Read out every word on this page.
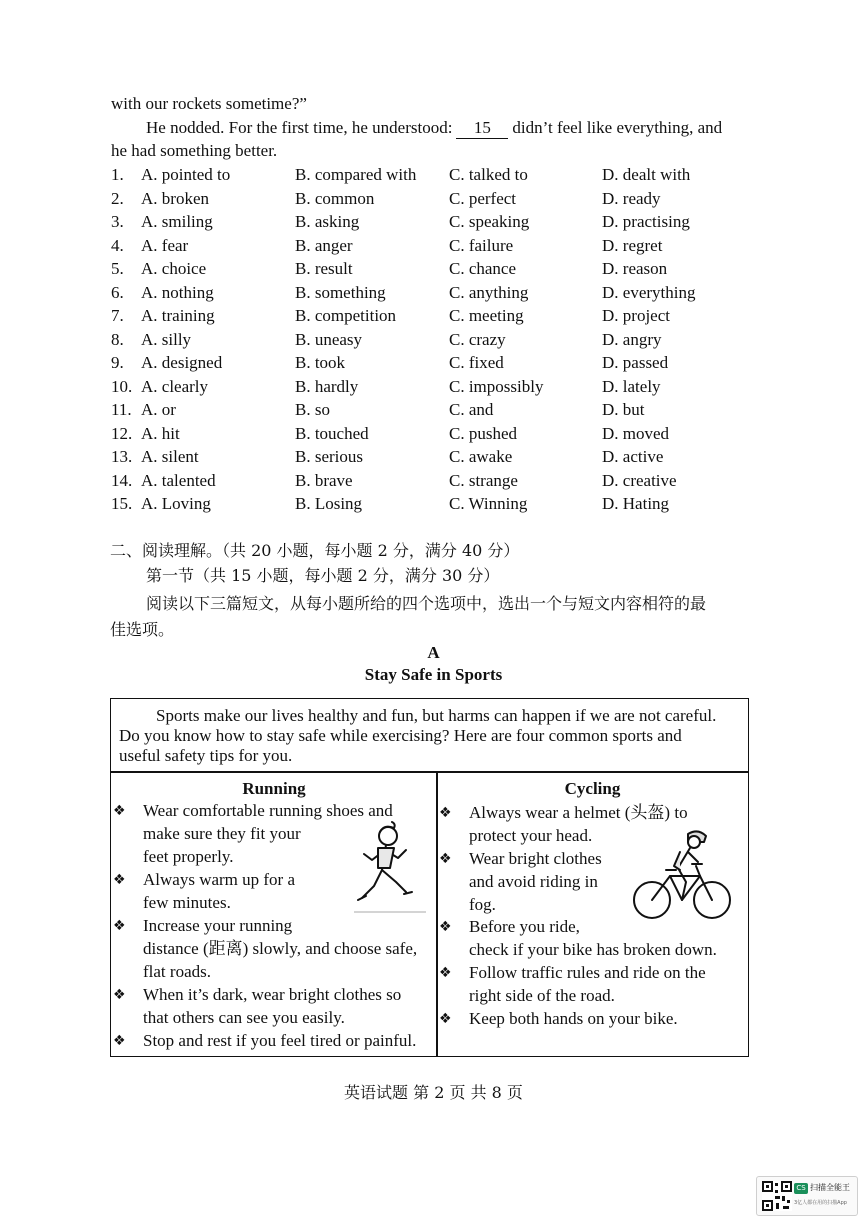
with our rockets sometime?”
He nodded. For the first time, he understood: 15 didn’t feel like everything, and
he had something better.
1. A. pointed to	B. compared with C. talked to	D. dealt with
2. A. broken	B. common	C. perfect	D. ready
3. A. smiling	B. asking	C. speaking	D. practising
4. A. fear	B. anger	C. failure	D. regret
5. A. choice	B. result	C. chance	D. reason
6. A. nothing	B. something	C. anything	D. everything
7. A. training	B. competition	C. meeting	D. project
8. A. silly	B. uneasy	C. crazy	D. angry
9. A. designed	B. took	C. fixed	D. passed
10. A. clearly	B. hardly	C. impossibly	D. lately
11. A. or	B. so	C. and	D. but
12. A. hit	B. touched	C. pushed	D. moved
13. A. silent	B. serious	C. awake	D. active
14. A. talented	B. brave	C. strange	D. creative
15. A. Loving	B. Losing	C. Winning	D. Hating
二、阅读理解。（共 20 小题，每小题 2 分，满分 40 分）
第一节（共 15 小题，每小题 2 分，满分 30 分）
阅读以下三篇短文，从每小题所给的四个选项中，选出一个与短文内容相符的最
佳选项。
A
Stay Safe in Sports
Sports make our lives healthy and fun, but harms can happen if we are not careful.
Do you know how to stay safe while exercising? Here are four common sports and
useful safety tips for you.
Running	Cycling
❖ Wear comfortable running shoes and
make sure they fit your
feet properly.
❖ Always warm up for a
few minutes.
❖ Increase your running
distance (距离) slowly, and choose safe,
flat roads.
❖ When it’s dark, wear bright clothes so
that others can see you easily.
❖ Stop and rest if you feel tired or painful.
❖ Always wear a helmet (头盔) to
protect your head.
❖ Wear bright clothes
and avoid riding in
fog.
❖ Before you ride,
check if your bike has broken down.
❖ Follow traffic rules and ride on the
right side of the road.
❖ Keep both hands on your bike.
英语试题 第 2 页 共 8 页
CS 扫描全能王
3亿人都在用的扫描App
